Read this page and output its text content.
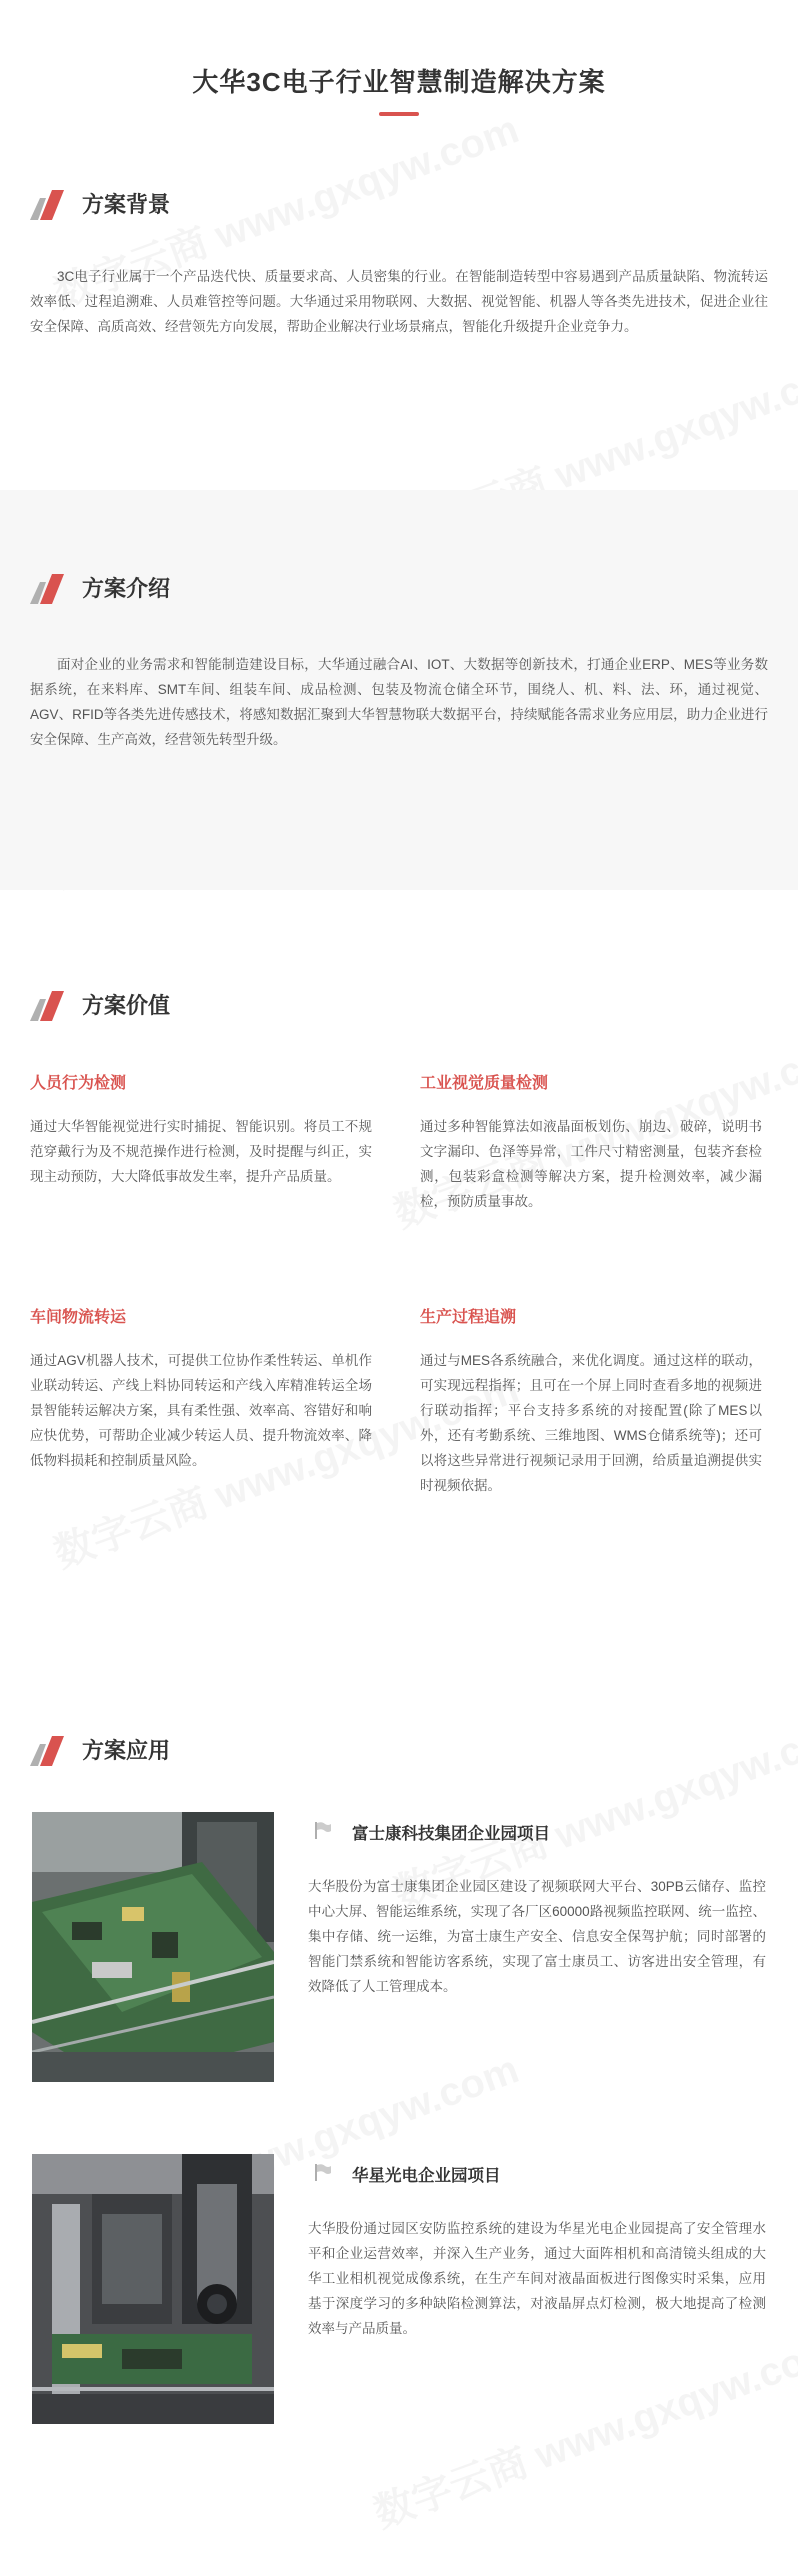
大华3C电子行业智慧制造解决方案
方案背景
3C电子行业属于一个产品迭代快、质量要求高、人员密集的行业。在智能制造转型中容易遇到产品质量缺陷、物流转运效率低、过程追溯难、人员难管控等问题。大华通过采用物联网、大数据、视觉智能、机器人等各类先进技术，促进企业往安全保障、高质高效、经营领先方向发展，帮助企业解决行业场景痛点，智能化升级提升企业竞争力。
方案介绍
面对企业的业务需求和智能制造建设目标，大华通过融合AI、IOT、大数据等创新技术，打通企业ERP、MES等业务数据系统，在来料库、SMT车间、组装车间、成品检测、包装及物流仓储全环节，围绕人、机、料、法、环，通过视觉、AGV、RFID等各类先进传感技术，将感知数据汇聚到大华智慧物联大数据平台，持续赋能各需求业务应用层，助力企业进行安全保障、生产高效，经营领先转型升级。
方案价值
人员行为检测
通过大华智能视觉进行实时捕捉、智能识别。将员工不规范穿戴行为及不规范操作进行检测，及时提醒与纠正，实现主动预防，大大降低事故发生率，提升产品质量。
工业视觉质量检测
通过多种智能算法如液晶面板划伤、崩边、破碎，说明书文字漏印、色泽等异常，工件尺寸精密测量，包装齐套检测，包装彩盒检测等解决方案，提升检测效率，减少漏检，预防质量事故。
车间物流转运
通过AGV机器人技术，可提供工位协作柔性转运、单机作业联动转运、产线上料协同转运和产线入库精准转运全场景智能转运解决方案，具有柔性强、效率高、容错好和响应快优势，可帮助企业减少转运人员、提升物流效率、降低物料损耗和控制质量风险。
生产过程追溯
通过与MES各系统融合，来优化调度。通过这样的联动，可实现远程指挥；且可在一个屏上同时查看多地的视频进行联动指挥；平台支持多系统的对接配置(除了MES以外，还有考勤系统、三维地图、WMS仓储系统等)；还可以将这些异常进行视频记录用于回溯，给质量追溯提供实时视频依据。
方案应用
富士康科技集团企业园项目
大华股份为富士康集团企业园区建设了视频联网大平台、30PB云储存、监控中心大屏、智能运维系统，实现了各厂区60000路视频监控联网、统一监控、集中存储、统一运维，为富士康生产安全、信息安全保驾护航；同时部署的智能门禁系统和智能访客系统，实现了富士康员工、访客进出安全管理，有效降低了人工管理成本。
华星光电企业园项目
大华股份通过园区安防监控系统的建设为华星光电企业园提高了安全管理水平和企业运营效率，并深入生产业务，通过大面阵相机和高清镜头组成的大华工业相机视觉成像系统，在生产车间对液晶面板进行图像实时采集，应用基于深度学习的多种缺陷检测算法，对液晶屏点灯检测，极大地提高了检测效率与产品质量。
